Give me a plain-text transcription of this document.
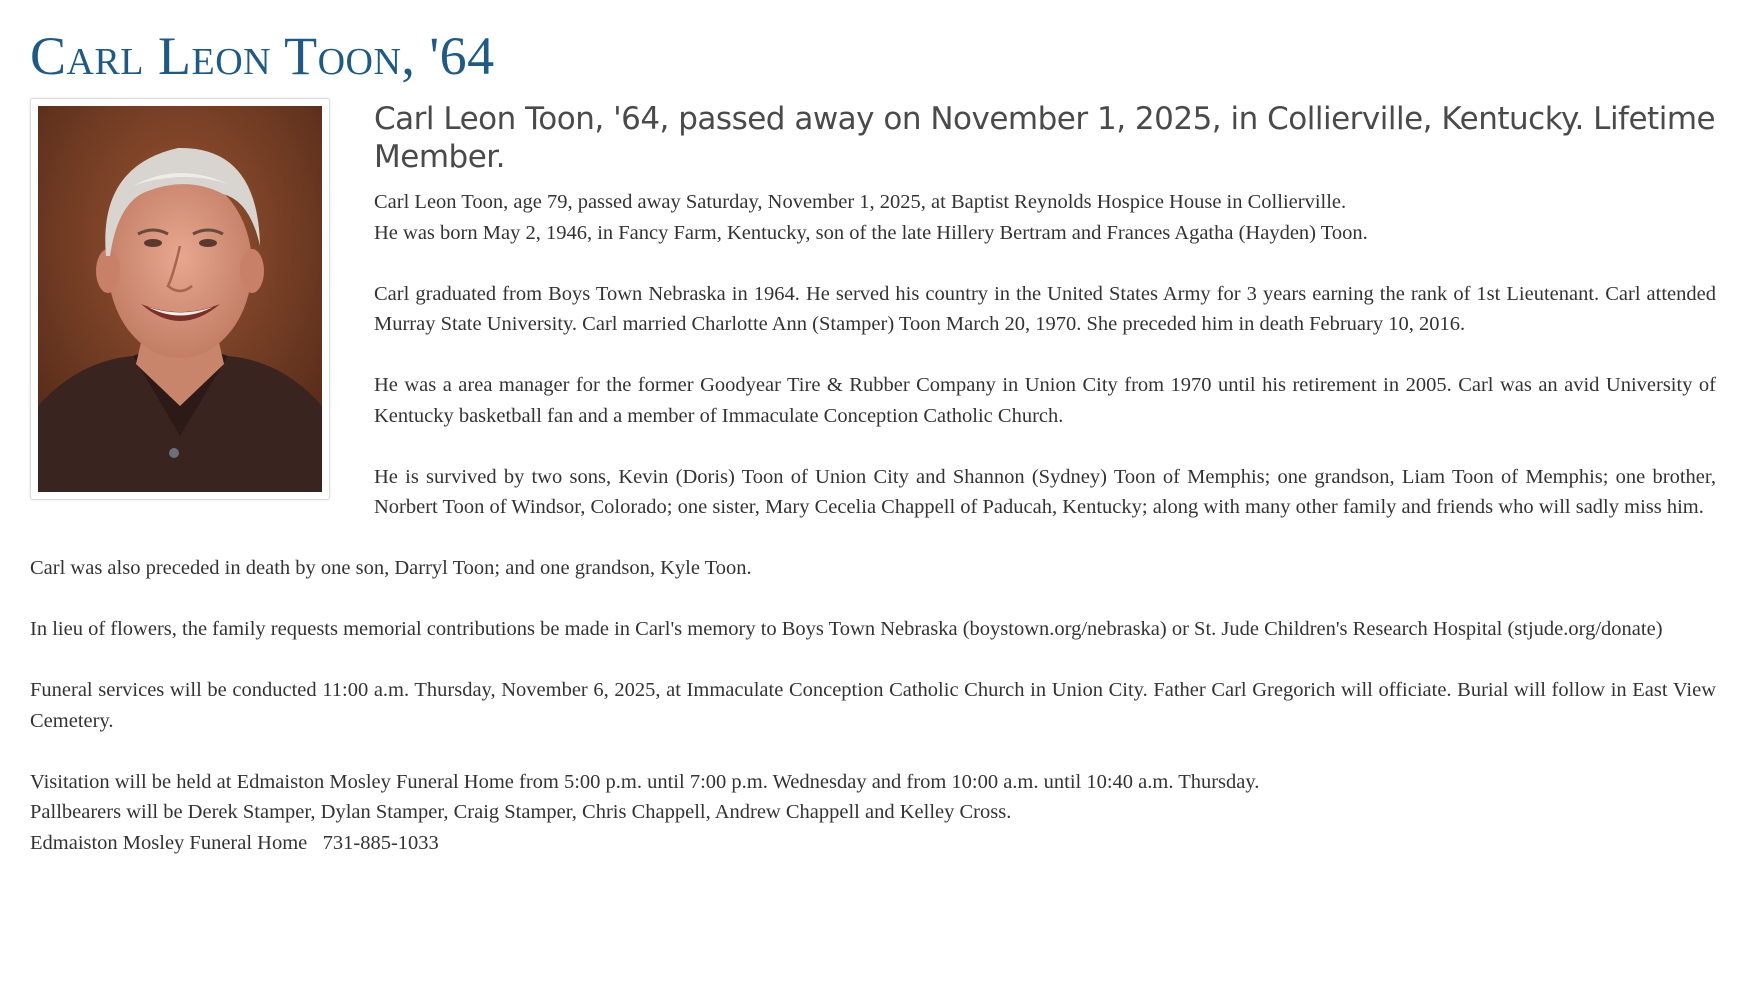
Carl Leon Toon, '64
Carl Leon Toon, '64, passed away on November 1, 2025, in Collierville, Kentucky. Lifetime Member.

Carl Leon Toon, age 79, passed away Saturday, November 1, 2025, at Baptist Reynolds Hospice House in Collierville.

He was born May 2, 1946, in Fancy Farm, Kentucky, son of the late Hillery Bertram and Frances Agatha (Hayden) Toon.

Carl graduated from Boys Town Nebraska in 1964. He served his country in the United States Army for 3 years earning the rank of 1st Lieutenant. Carl attended Murray State University. Carl married Charlotte Ann (Stamper) Toon March 20, 1970. She preceded him in death February 10, 2016.

He was a area manager for the former Goodyear Tire & Rubber Company in Union City from 1970 until his retirement in 2005. Carl was an avid University of Kentucky basketball fan and a member of Immaculate Conception Catholic Church.

He is survived by two sons, Kevin (Doris) Toon of Union City and Shannon (Sydney) Toon of Memphis; one grandson, Liam Toon of Memphis; one brother, Norbert Toon of Windsor, Colorado; one sister, Mary Cecelia Chappell of Paducah, Kentucky; along with many other family and friends who will sadly miss him.

Carl was also preceded in death by one son, Darryl Toon; and one grandson, Kyle Toon.

In lieu of flowers, the family requests memorial contributions be made in Carl's memory to Boys Town Nebraska (boystown.org/nebraska) or St. Jude Children's Research Hospital (stjude.org/donate)

Funeral services will be conducted 11:00 a.m. Thursday, November 6, 2025, at Immaculate Conception Catholic Church in Union City. Father Carl Gregorich will officiate. Burial will follow in East View Cemetery.

Visitation will be held at Edmaiston Mosley Funeral Home from 5:00 p.m. until 7:00 p.m. Wednesday and from 10:00 a.m. until 10:40 a.m. Thursday.

Pallbearers will be Derek Stamper, Dylan Stamper, Craig Stamper, Chris Chappell, Andrew Chappell and Kelley Cross.

Edmaiston Mosley Funeral Home   731-885-1033
